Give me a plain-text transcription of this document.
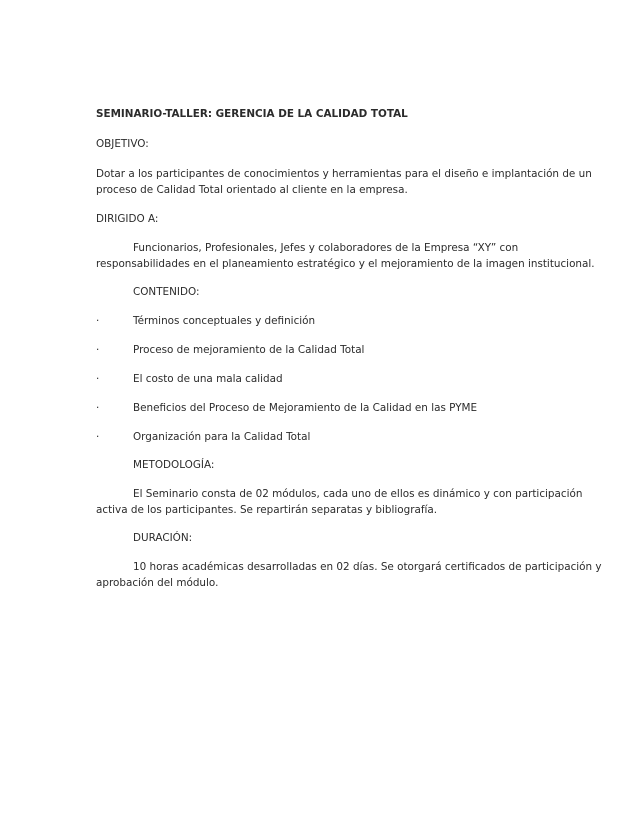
SEMINARIO-TALLER: GERENCIA DE LA CALIDAD TOTAL

OBJETIVO:

Dotar a los participantes de conocimientos y herramientas para el diseño e implantación de un

proceso de Calidad Total orientado al cliente en la empresa.

DIRIGIDO A:

Funcionarios, Profesionales, Jefes y colaboradores de la Empresa “XY” con

responsabilidades en el planeamiento estratégico y el mejoramiento de la imagen institucional.

CONTENIDO:

·	Términos conceptuales y definición

·	Proceso de mejoramiento de la Calidad Total

·	El costo de una mala calidad

·	Beneficios del Proceso de Mejoramiento de la Calidad en las PYME

·	Organización para la Calidad Total

METODOLOGÍA:

El Seminario consta de 02 módulos, cada uno de ellos es dinámico y con participación

activa de los participantes. Se repartirán separatas y bibliografía.

DURACIÓN:

10 horas académicas desarrolladas en 02 días. Se otorgará certificados de participación y

aprobación del módulo.
